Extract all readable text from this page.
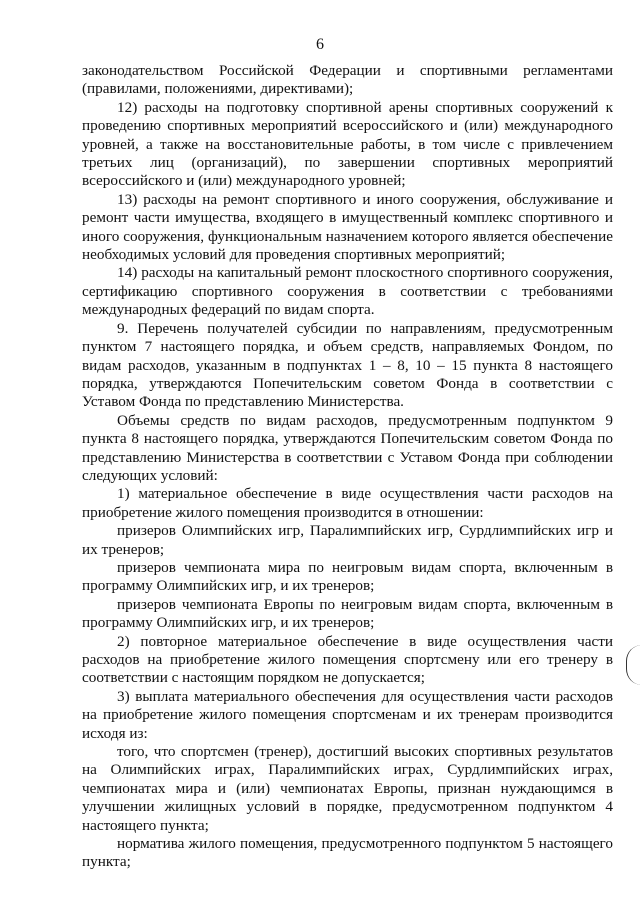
6

законодательством Российской Федерации и спортивными регламентами (правилами, положениями, директивами);

12) расходы на подготовку спортивной арены спортивных сооружений к проведению спортивных мероприятий всероссийского и (или) международного уровней, а также на восстановительные работы, в том числе с привлечением третьих лиц (организаций), по завершении спортивных мероприятий всероссийского и (или) международного уровней;

13) расходы на ремонт спортивного и иного сооружения, обслуживание и ремонт части имущества, входящего в имущественный комплекс спортивного и иного сооружения, функциональным назначением которого является обеспечение необходимых условий для проведения спортивных мероприятий;

14) расходы на капитальный ремонт плоскостного спортивного сооружения, сертификацию спортивного сооружения в соответствии с требованиями международных федераций по видам спорта.

9. Перечень получателей субсидии по направлениям, предусмотренным пунктом 7 настоящего порядка, и объем средств, направляемых Фондом, по видам расходов, указанным в подпунктах 1 – 8, 10 – 15 пункта 8 настоящего порядка, утверждаются Попечительским советом Фонда в соответствии с Уставом Фонда по представлению Министерства.

Объемы средств по видам расходов, предусмотренным подпунктом 9 пункта 8 настоящего порядка, утверждаются Попечительским советом Фонда по представлению Министерства в соответствии с Уставом Фонда при соблюдении следующих условий:

1) материальное обеспечение в виде осуществления части расходов на приобретение жилого помещения производится в отношении:

призеров Олимпийских игр, Паралимпийских игр, Сурдлимпийских игр и их тренеров;

призеров чемпионата мира по неигровым видам спорта, включенным в программу Олимпийских игр, и их тренеров;

призеров чемпионата Европы по неигровым видам спорта, включенным в программу Олимпийских игр, и их тренеров;

2) повторное материальное обеспечение в виде осуществления части расходов на приобретение жилого помещения спортсмену или его тренеру в соответствии с настоящим порядком не допускается;

3) выплата материального обеспечения для осуществления части расходов на приобретение жилого помещения спортсменам и их тренерам производится исходя из:

того, что спортсмен (тренер), достигший высоких спортивных результатов на Олимпийских играх, Паралимпийских играх, Сурдлимпийских играх, чемпионатах мира и (или) чемпионатах Европы, признан нуждающимся в улучшении жилищных условий в порядке, предусмотренном подпунктом 4 настоящего пункта;

норматива жилого помещения, предусмотренного подпунктом 5 настоящего пункта;
